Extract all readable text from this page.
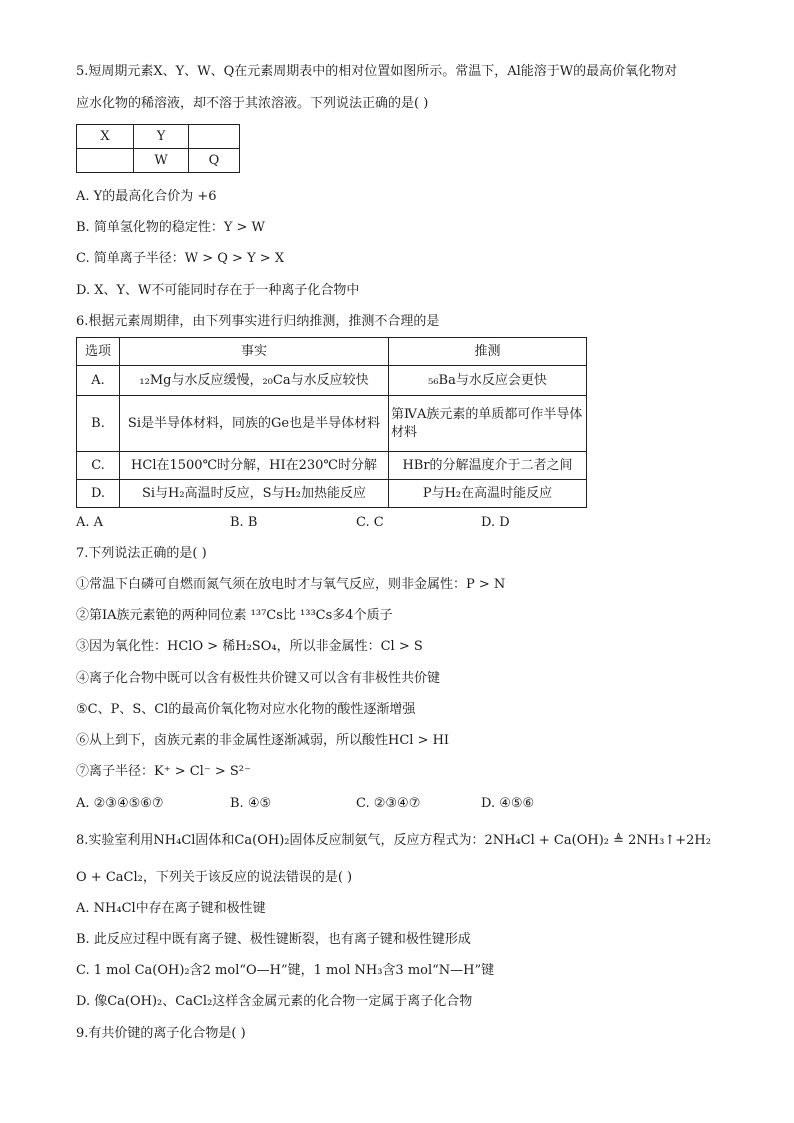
5.短周期元素X、Y、W、Q在元素周期表中的相对位置如图所示。常温下，Al能溶于W的最高价氧化物对
应水化物的稀溶液，却不溶于其浓溶液。下列说法正确的是( )
X	Y	
	W	Q
A. Y的最高化合价为 +6
B. 简单氢化物的稳定性：Y > W
C. 简单离子半径：W > Q > Y > X
D. X、Y、W不可能同时存在于一种离子化合物中
6.根据元素周期律，由下列事实进行归纳推测，推测不合理的是
选项	事实	推测
A.	₁₂Mg与水反应缓慢，₂₀Ca与水反应较快	₅₆Ba与水反应会更快
B.	Si是半导体材料，同族的Ge也是半导体材料	第ⅣA族元素的单质都可作半导体材料
C.	HCl在1500℃时分解，HI在230℃时分解	HBr的分解温度介于二者之间
D.	Si与H₂高温时反应，S与H₂加热能反应	P与H₂在高温时能反应
A. A	B. B	C. C	D. D
7.下列说法正确的是( )
①常温下白磷可自燃而氮气须在放电时才与氧气反应，则非金属性：P > N
②第IA族元素铯的两种同位素 ¹³⁷Cs比 ¹³³Cs多4个质子
③因为氧化性：HClO > 稀H₂SO₄，所以非金属性：Cl > S
④离子化合物中既可以含有极性共价键又可以含有非极性共价键
⑤C、P、S、Cl的最高价氧化物对应水化物的酸性逐渐增强
⑥从上到下，卤族元素的非金属性逐渐减弱，所以酸性HCl > HI
⑦离子半径：K⁺ > Cl⁻ > S²⁻
A. ②③④⑤⑥⑦	B. ④⑤	C. ②③④⑦	D. ④⑤⑥
8.实验室利用NH₄Cl固体和Ca(OH)₂固体反应制氨气，反应方程式为：2NH₄Cl + Ca(OH)₂ ≜ 2NH₃↑+2H₂
O + CaCl₂，下列关于该反应的说法错误的是( )
A. NH₄Cl中存在离子键和极性键
B. 此反应过程中既有离子键、极性键断裂，也有离子键和极性键形成
C. 1 mol Ca(OH)₂含2 mol“O—H”键，1 mol NH₃含3 mol“N—H”键
D. 像Ca(OH)₂、CaCl₂这样含金属元素的化合物一定属于离子化合物
9.有共价键的离子化合物是( )
